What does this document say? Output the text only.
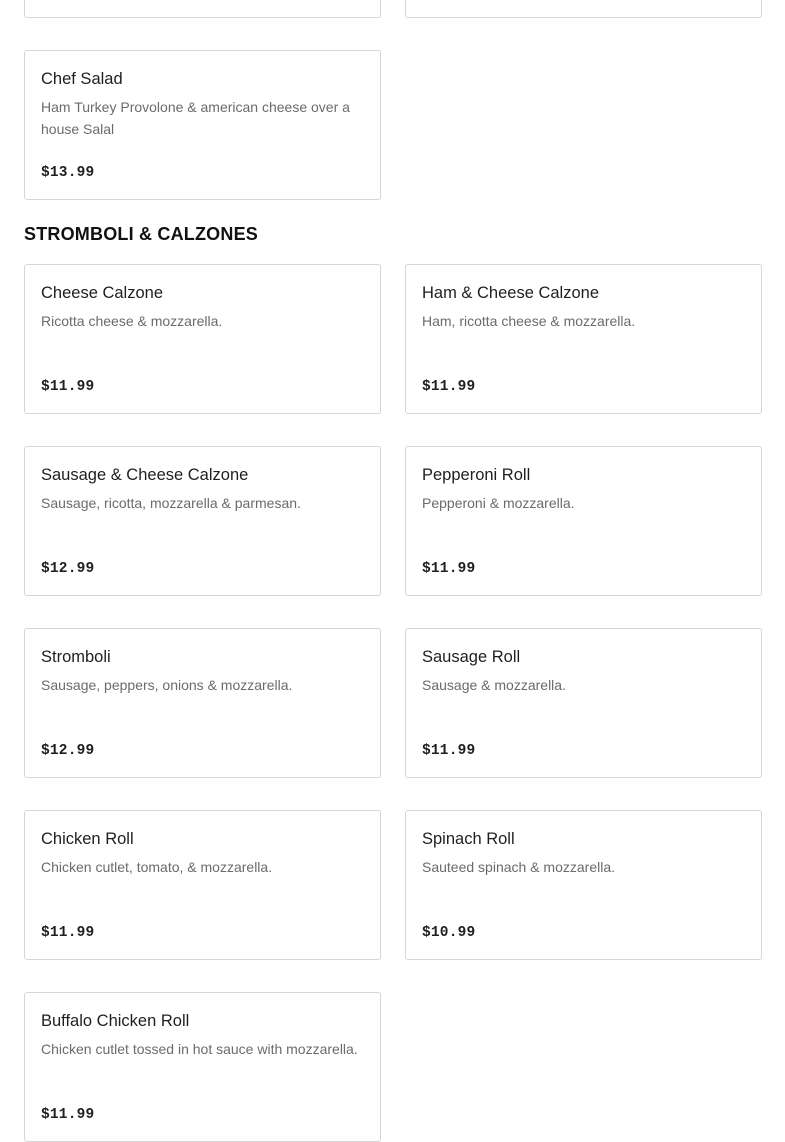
Chef Salad
Ham Turkey Provolone & american cheese over a house Salal
$13.99
STROMBOLI & CALZONES
Cheese Calzone
Ricotta cheese & mozzarella.
$11.99
Ham & Cheese Calzone
Ham, ricotta cheese & mozzarella.
$11.99
Sausage & Cheese Calzone
Sausage, ricotta, mozzarella & parmesan.
$12.99
Pepperoni Roll
Pepperoni & mozzarella.
$11.99
Stromboli
Sausage, peppers, onions & mozzarella.
$12.99
Sausage Roll
Sausage & mozzarella.
$11.99
Chicken Roll
Chicken cutlet, tomato, & mozzarella.
$11.99
Spinach Roll
Sauteed spinach & mozzarella.
$10.99
Buffalo Chicken Roll
Chicken cutlet tossed in hot sauce with mozzarella.
$11.99
